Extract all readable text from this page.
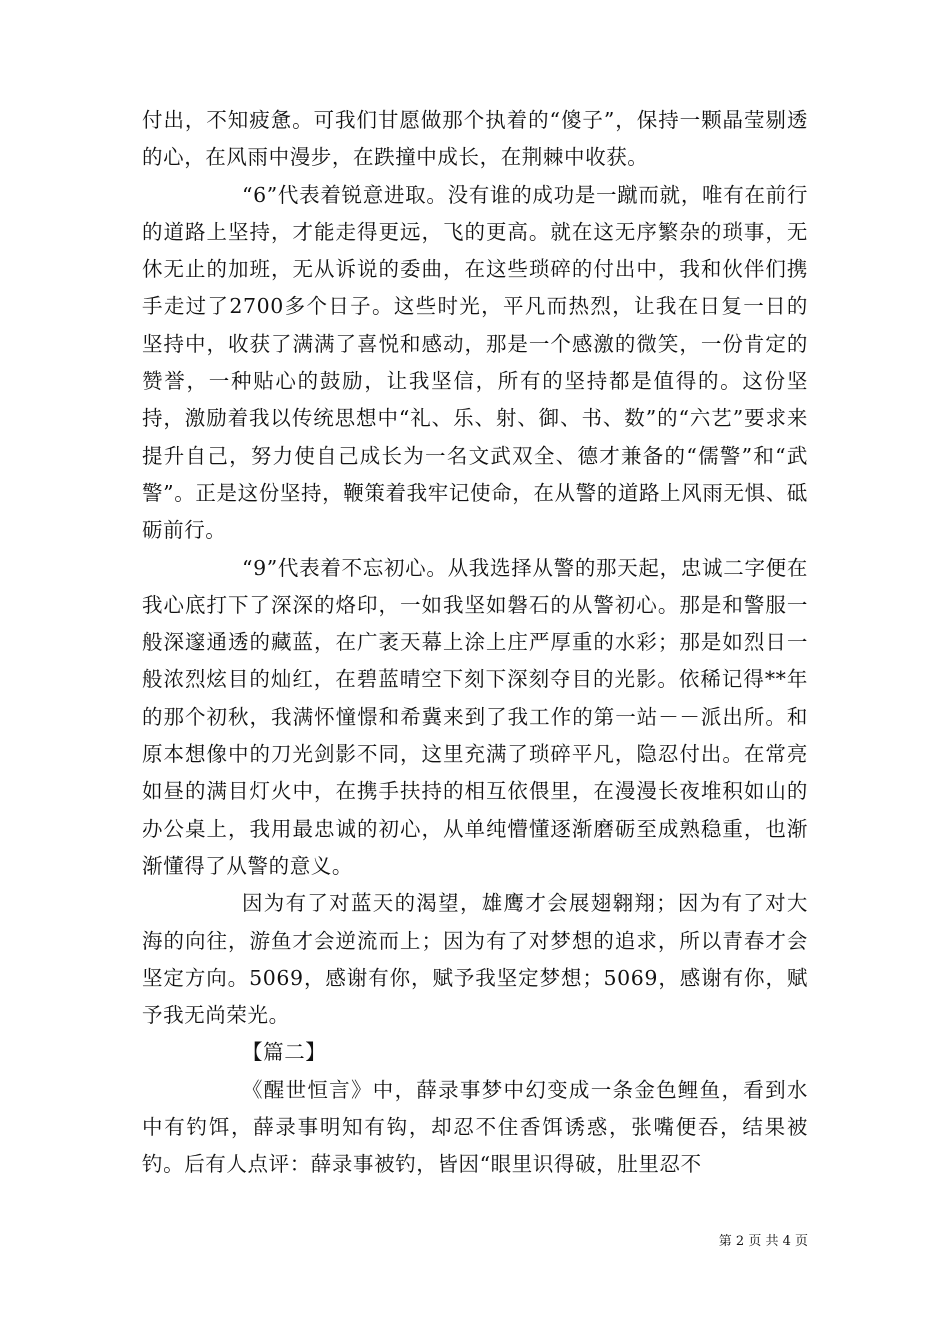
付出，不知疲惫。可我们甘愿做那个执着的“傻子”，保持一颗晶莹剔透的心，在风雨中漫步，在跌撞中成长，在荆棘中收获。

“6”代表着锐意进取。没有谁的成功是一蹴而就，唯有在前行的道路上坚持，才能走得更远，飞的更高。就在这无序繁杂的琐事，无休无止的加班，无从诉说的委曲，在这些琐碎的付出中，我和伙伴们携手走过了2700多个日子。这些时光，平凡而热烈，让我在日复一日的坚持中，收获了满满了喜悦和感动，那是一个感激的微笑，一份肯定的赞誉，一种贴心的鼓励，让我坚信，所有的坚持都是值得的。这份坚持，激励着我以传统思想中“礼、乐、射、御、书、数”的“六艺”要求来提升自己，努力使自己成长为一名文武双全、德才兼备的“儒警”和“武警”。正是这份坚持，鞭策着我牢记使命，在从警的道路上风雨无惧、砥砺前行。

“9”代表着不忘初心。从我选择从警的那天起，忠诚二字便在我心底打下了深深的烙印，一如我坚如磐石的从警初心。那是和警服一般深邃通透的藏蓝，在广袤天幕上涂上庄严厚重的水彩；那是如烈日一般浓烈炫目的灿红，在碧蓝晴空下刻下深刻夺目的光影。依稀记得**年的那个初秋，我满怀憧憬和希冀来到了我工作的第一站－－派出所。和原本想像中的刀光剑影不同，这里充满了琐碎平凡，隐忍付出。在常亮如昼的满目灯火中，在携手扶持的相互依偎里，在漫漫长夜堆积如山的办公桌上，我用最忠诚的初心，从单纯懵懂逐渐磨砺至成熟稳重，也渐渐懂得了从警的意义。

因为有了对蓝天的渴望，雄鹰才会展翅翱翔；因为有了对大海的向往，游鱼才会逆流而上；因为有了对梦想的追求，所以青春才会坚定方向。5069，感谢有你，赋予我坚定梦想；5069，感谢有你，赋予我无尚荣光。

【篇二】

《醒世恒言》中，薛录事梦中幻变成一条金色鲤鱼，看到水中有钓饵，薛录事明知有钩，却忍不住香饵诱惑，张嘴便吞，结果被钓。后有人点评：薛录事被钓，皆因“眼里识得破，肚里忍不

第 2 页 共 4 页
